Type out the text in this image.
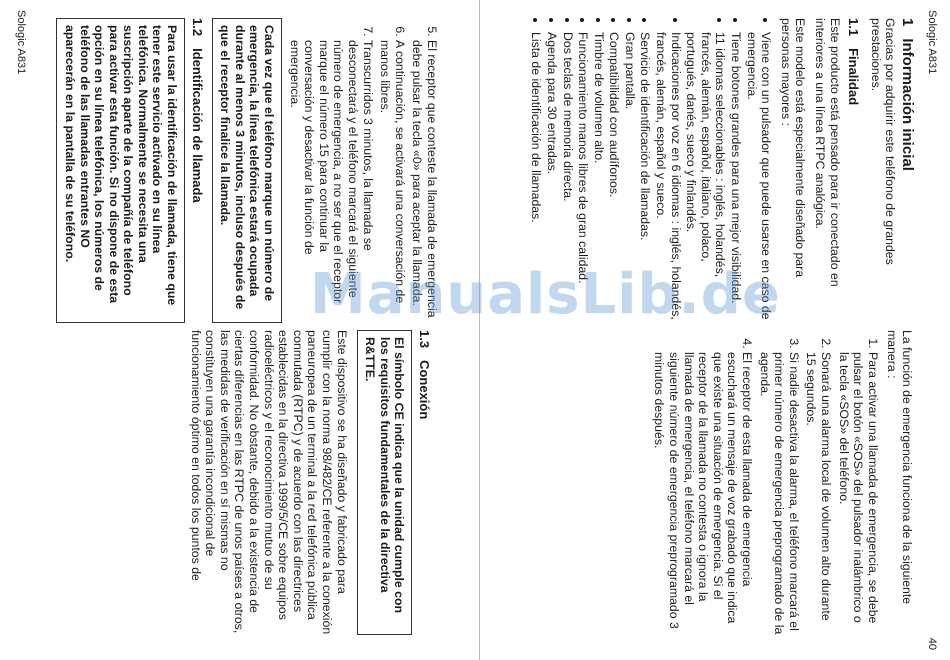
Sologic A831
40
1Información inicial

Gracias por adquirir este teléfono de grandes prestaciones.

1.1Finalidad

Este producto está pensado para ir conectado en interiores a una línea RTPC analógica.

Este modelo está especialmente diseñado para personas mayores :

• Viene con un pulsador que puede usarse en caso de emergencia.
• Tiene botones grandes para una mejor visibilidad.
• 11 idiomas seleccionables : inglés, holandés, francés, alemán, español, italiano, polaco, portugués, danés, sueco y finlandés.
• Indicaciones por voz en 6 idiomas : inglés, holandés, francés, alemán, español y sueco.
• Servicio de identificación de llamadas.
• Gran pantalla.
• Compatibilidad con audífonos.
• Timbre de volumen alto.
• Funcionamiento manos libres de gran calidad.
• Dos teclas de memoria directa.
• Agenda para 30 entradas.
• Lista de identificación de llamadas.

La función de emergencia funciona de la siguiente manera :

1. Para activar una llamada de emergencia, se debe pulsar el botón «SOS» del pulsador inalámbrico o la tecla «SOS» del teléfono.
2. Sonará una alarma local de volumen alto durante 15 segundos.
3. Si nadie desactiva la alarma, el teléfono marcará el primer número de emergencia preprogramado de la agenda.
4. El receptor de esta llamada de emergencia escuchará un mensaje de voz grabado que indica que existe una situación de emergencia. Si el receptor de la llamada no contesta o ignora la llamada de emergencia, el teléfono marcará el siguiente número de emergencia preprogramado 3 minutos después.
5. El receptor que conteste la llamada de emergencia debe pulsar la tecla «0» para aceptar la llamada.
6. A continuación, se activará una conversación de manos libres.
7. Transcurridos 3 minutos, la llamada se desconectará y el teléfono marcará el siguiente número de emergencia, a no ser que el receptor marque el número 15 para continuar la conversación y desactivar la función de emergencia.
Cada vez que el teléfono marque un número de emergencia, la línea telefónica estará ocupada durante al menos 3 minutos, incluso después de que el receptor finalice la llamada.
1.2Identificación de llamada
Para usar la identificación de llamada, tiene que tener este servicio activado en su línea telefónica. Normalmente se necesita una suscripción aparte de la compañía de teléfono para activar esta función. Si no dispone de esta opción en su línea telefónica, los números de teléfono de las llamadas entrantes NO aparecerán en la pantalla de su teléfono.
1.3Conexión
El símbolo CE indica que la unidad cumple con los requisitos fundamentales de la directiva R&TTE.

Este dispositivo se ha diseñado y fabricado para cumplir con la norma 98/482/CE referente a la conexión paneuropea de un terminal a la red telefónica pública conmutada (RTPC) y de acuerdo con las directrices establecidas en la directiva 1999/5/CE sobre equipos radioeléctricos y el reconocimiento mutuo de su conformidad. No obstante, debido a la existencia de ciertas diferencias en las RTPC de unos países a otros, las medidas de verificación en sí mismas no constituyen una garantía incondicional de funcionamiento óptimo en todos los puntos de

Sologic A831
ManualsLib.de
